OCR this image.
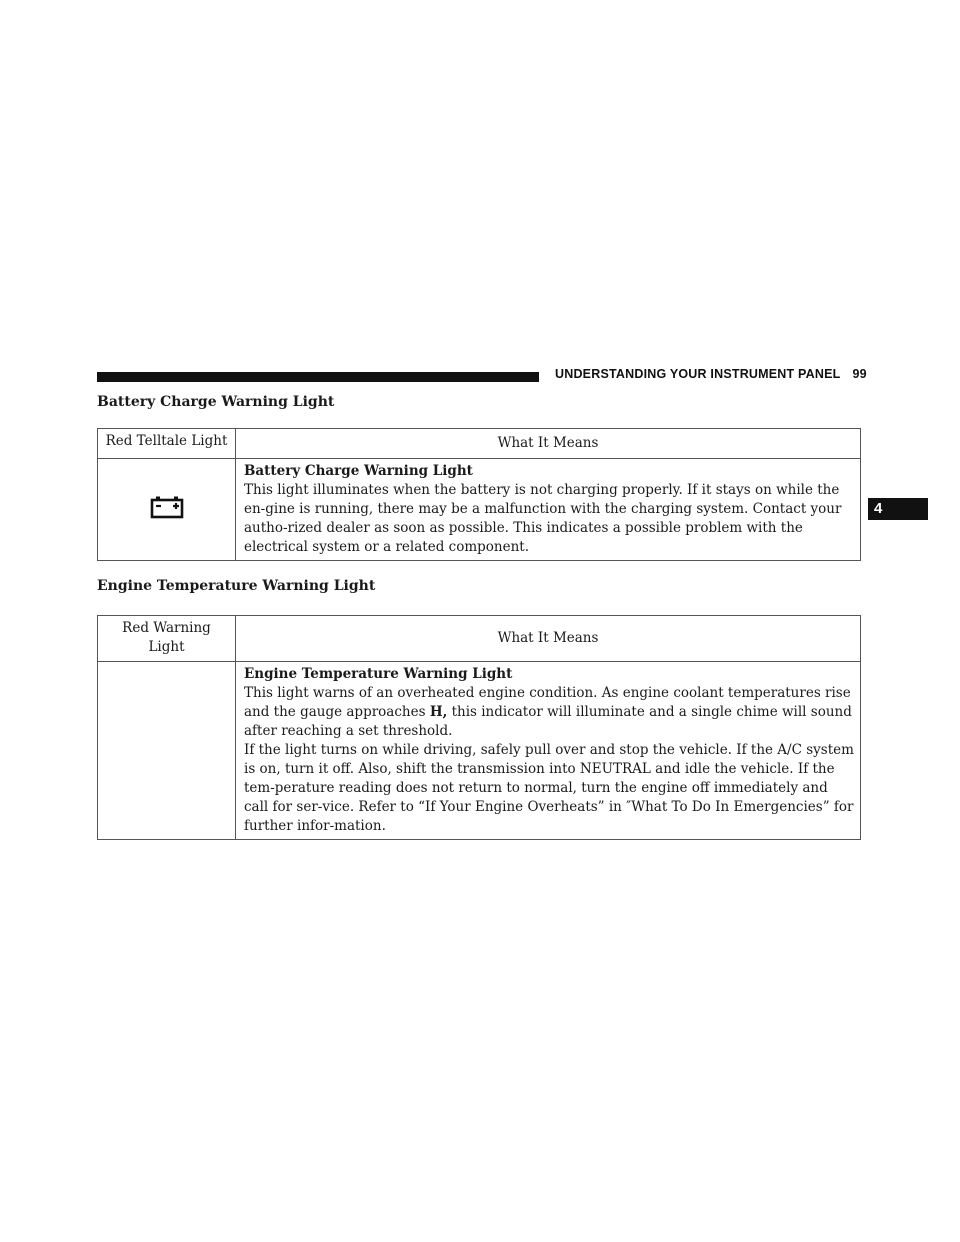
UNDERSTANDING YOUR INSTRUMENT PANEL 99
4
Battery Charge Warning Light
Red Telltale Light	What It Means

Battery Charge Warning Light

This light illuminates when the battery is not charging properly. If it stays on while the en-gine is running, there may be a malfunction with the charging system. Contact your autho-rized dealer as soon as possible. This indicates a possible problem with the electrical system or a related component.

Engine Temperature Warning Light
Red Warning Light	What It Means

	Engine Temperature Warning Light

This light warns of an overheated engine condition. As engine coolant temperatures rise and the gauge approaches H, this indicator will illuminate and a single chime will sound after reaching a set threshold.

If the light turns on while driving, safely pull over and stop the vehicle. If the A/C system is on, turn it off. Also, shift the transmission into NEUTRAL and idle the vehicle. If the tem-perature reading does not return to normal, turn the engine off immediately and call for ser-vice. Refer to “If Your Engine Overheats” in ″What To Do In Emergencies” for further infor-mation.
